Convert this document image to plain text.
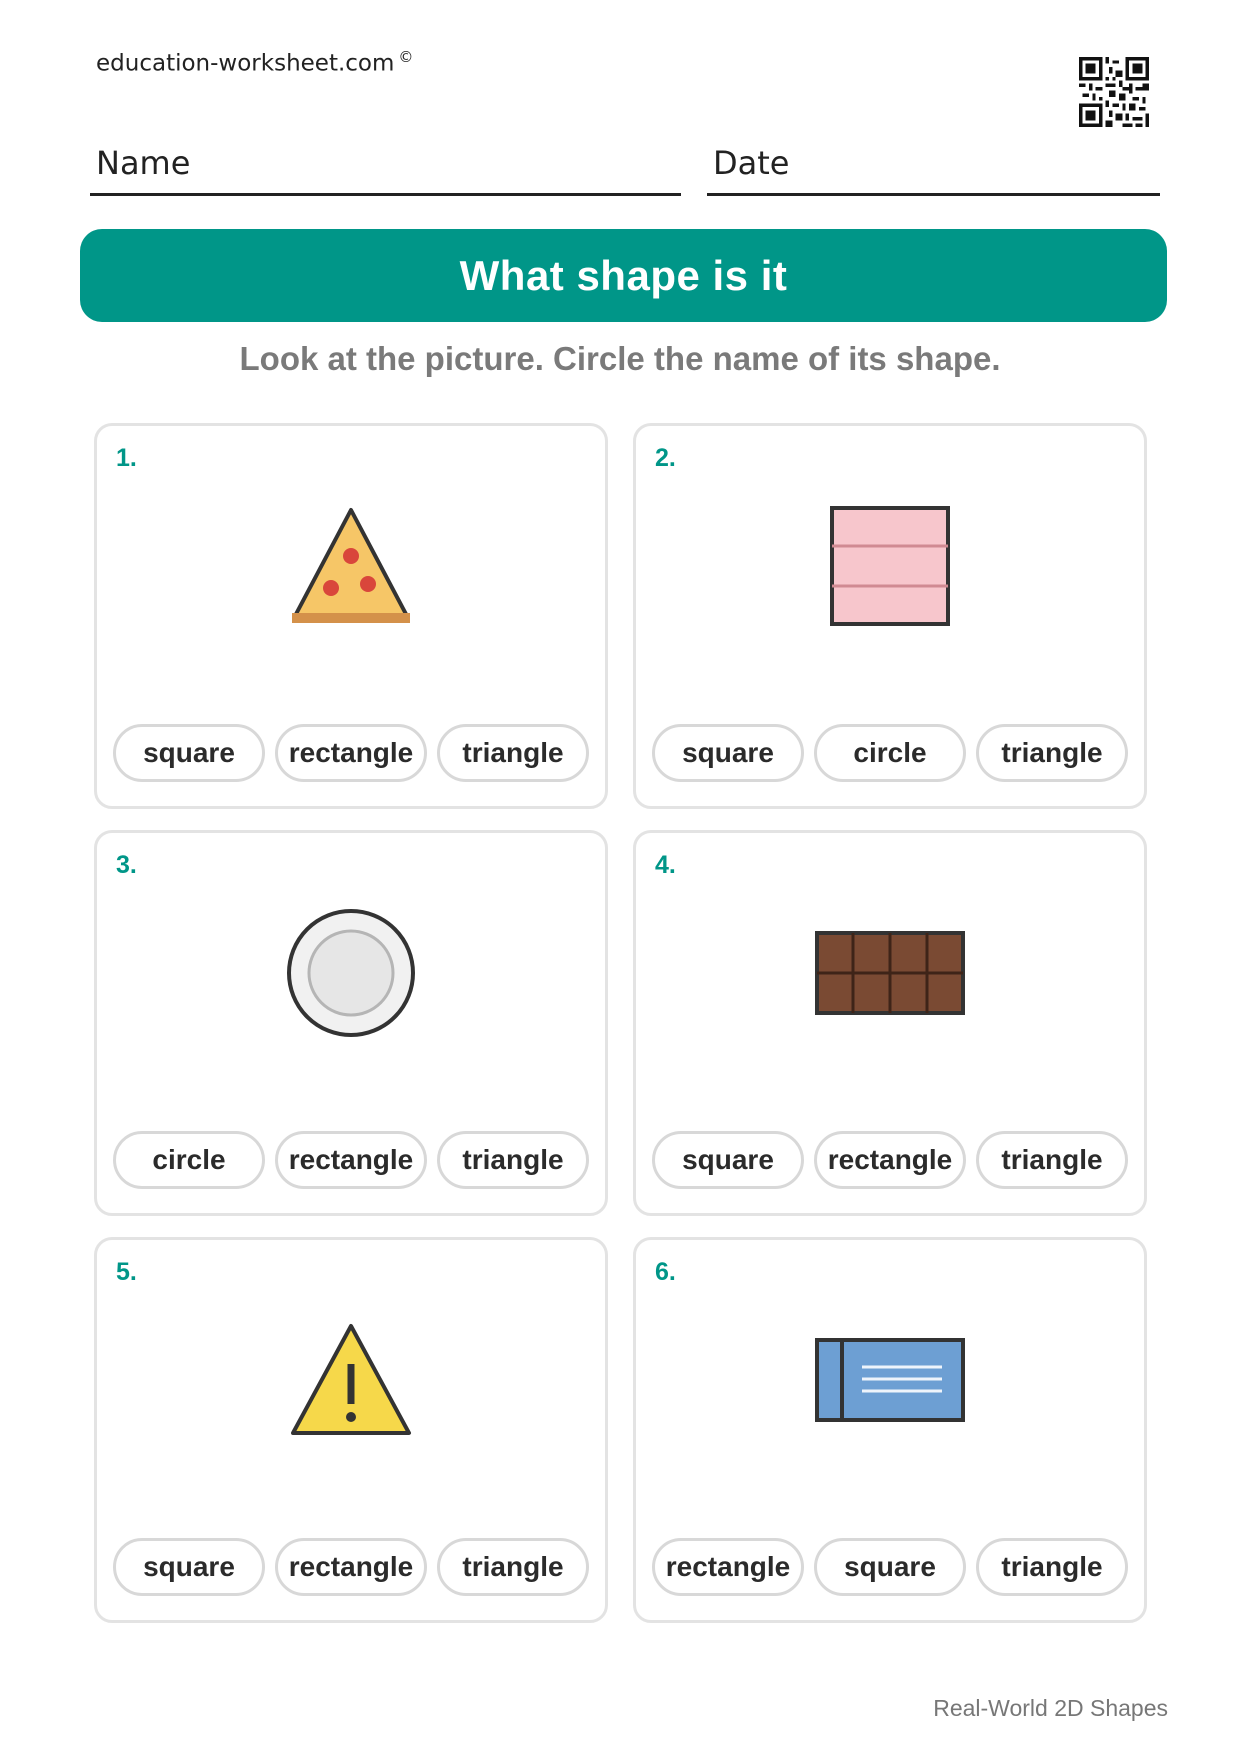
education-worksheet.com ©
Name	Date
What shape is it
Look at the picture. Circle the name of its shape.
1.
square	rectangle	triangle
2.
square	circle	triangle
3.
circle	rectangle	triangle
4.
square	rectangle	triangle
5.
square	rectangle	triangle
6.
rectangle	square	triangle
Real-World 2D Shapes
